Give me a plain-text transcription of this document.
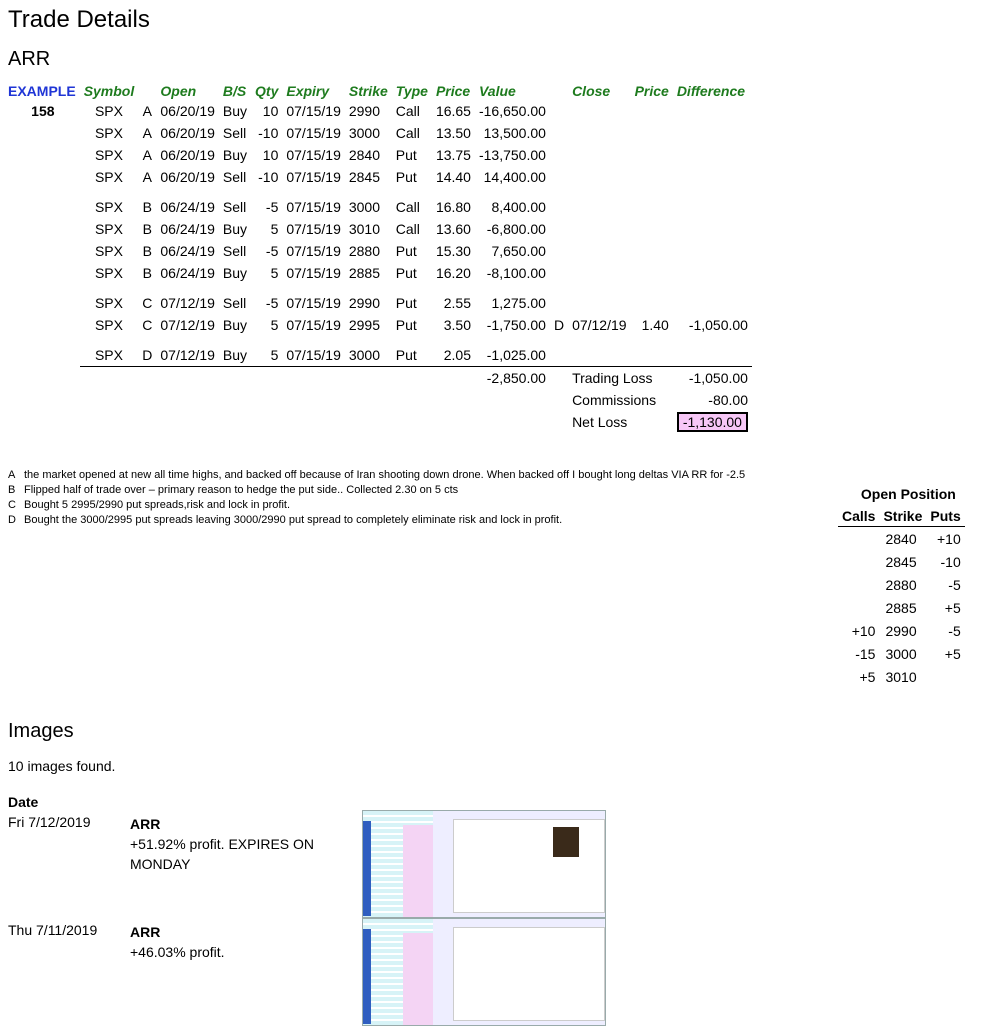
Trade Details
ARR
EXAMPLE	Symbol		Open	B/S	Qty	Expiry	Strike	Type	Price	Value		Close	Price	Difference
158	SPX	A	06/20/19	Buy	10	07/15/19	2990	Call	16.65	-16,650.00				
	SPX	A	06/20/19	Sell	-10	07/15/19	3000	Call	13.50	13,500.00				
	SPX	A	06/20/19	Buy	10	07/15/19	2840	Put	13.75	-13,750.00				
	SPX	A	06/20/19	Sell	-10	07/15/19	2845	Put	14.40	14,400.00				

	SPX	B	06/24/19	Sell	-5	07/15/19	3000	Call	16.80	8,400.00				
	SPX	B	06/24/19	Buy	5	07/15/19	3010	Call	13.60	-6,800.00				
	SPX	B	06/24/19	Sell	-5	07/15/19	2880	Put	15.30	7,650.00				
	SPX	B	06/24/19	Buy	5	07/15/19	2885	Put	16.20	-8,100.00				

	SPX	C	07/12/19	Sell	-5	07/15/19	2990	Put	2.55	1,275.00				
	SPX	C	07/12/19	Buy	5	07/15/19	2995	Put	3.50	-1,750.00	D	07/12/19	1.40	-1,050.00

	SPX	D	07/12/19	Buy	5	07/15/19	3000	Put	2.05	-1,025.00				
	-2,850.00											Trading Loss		-1,050.00
												Commissions		-80.00
												Net Loss		-1,130.00
A the market opened at new all time highs, and backed off because of Iran shooting down drone. When backed off I bought long deltas VIA RR for -2.5
B Flipped half of trade over – primary reason to hedge the put side.. Collected 2.30 on 5 cts
C Bought 5 2995/2990 put spreads,risk and lock in profit.
D Bought the 3000/2995 put spreads leaving 3000/2990 put spread to completely eliminate risk and lock in profit.
Open Position
Calls	Strike	Puts
	2840	+10
	2845	-10
	2880	-5
	2885	+5
+10	2990	-5
-15	3000	+5
+5	3010	
Images
10 images found.
Date
Fri 7/12/2019	ARR
+51.92% profit. EXPIRES ON MONDAY
Thu 7/11/2019	ARR
+46.03% profit.
